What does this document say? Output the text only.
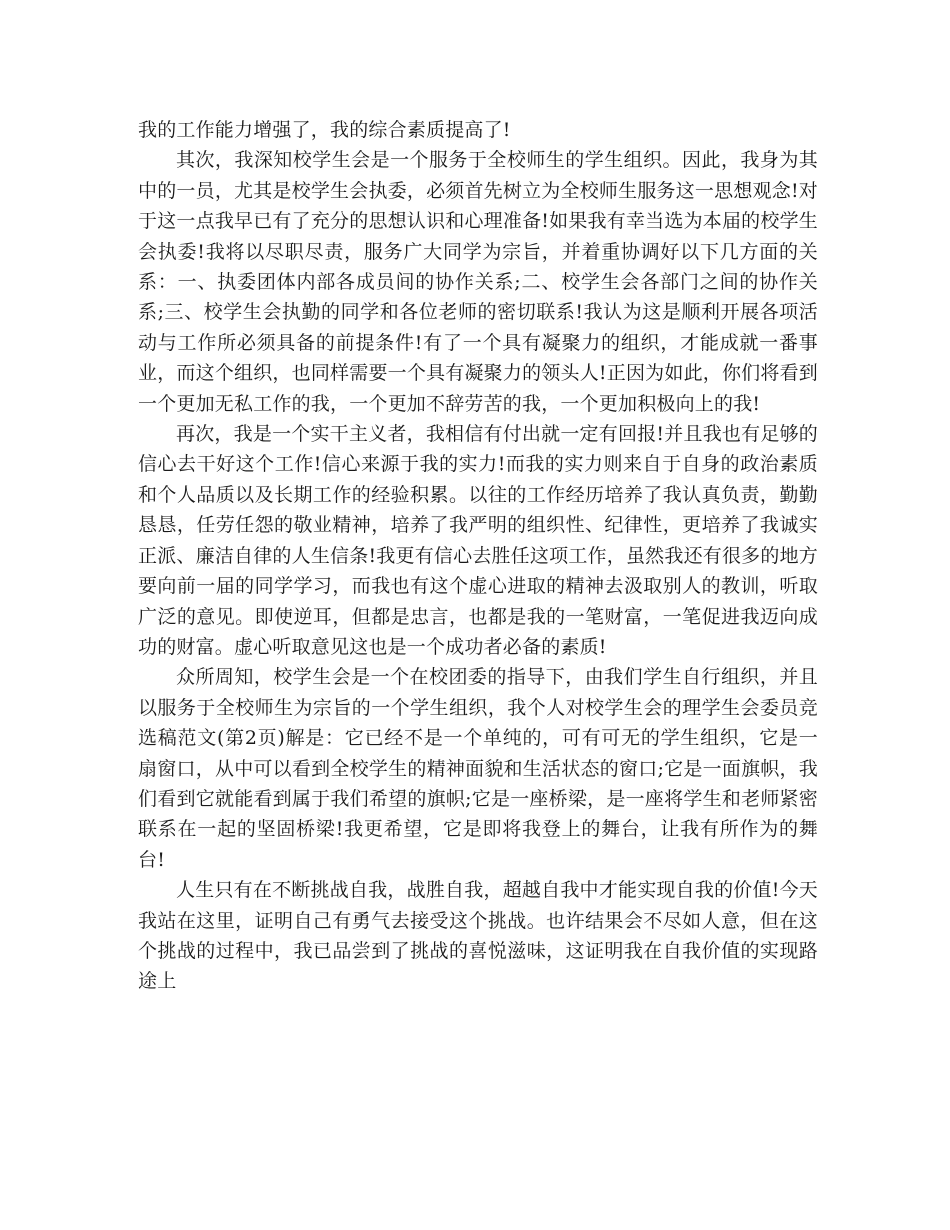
我的工作能力增强了，我的综合素质提高了!

其次，我深知校学生会是一个服务于全校师生的学生组织。因此，我身为其中的一员，尤其是校学生会执委，必须首先树立为全校师生服务这一思想观念!对于这一点我早已有了充分的思想认识和心理准备!如果我有幸当选为本届的校学生会执委!我将以尽职尽责，服务广大同学为宗旨，并着重协调好以下几方面的关系：一、执委团体内部各成员间的协作关系;二、校学生会各部门之间的协作关系;三、校学生会执勤的同学和各位老师的密切联系!我认为这是顺利开展各项活动与工作所必须具备的前提条件!有了一个具有凝聚力的组织，才能成就一番事业，而这个组织，也同样需要一个具有凝聚力的领头人!正因为如此，你们将看到一个更加无私工作的我，一个更加不辞劳苦的我，一个更加积极向上的我!

再次，我是一个实干主义者，我相信有付出就一定有回报!并且我也有足够的信心去干好这个工作!信心来源于我的实力!而我的实力则来自于自身的政治素质和个人品质以及长期工作的经验积累。以往的工作经历培养了我认真负责，勤勤恳恳，任劳任怨的敬业精神，培养了我严明的组织性、纪律性，更培养了我诚实正派、廉洁自律的人生信条!我更有信心去胜任这项工作，虽然我还有很多的地方要向前一届的同学学习，而我也有这个虚心进取的精神去汲取别人的教训，听取广泛的意见。即使逆耳，但都是忠言，也都是我的一笔财富，一笔促进我迈向成功的财富。虚心听取意见这也是一个成功者必备的素质!

众所周知，校学生会是一个在校团委的指导下，由我们学生自行组织，并且以服务于全校师生为宗旨的一个学生组织，我个人对校学生会的理学生会委员竞选稿范文(第2页)解是：它已经不是一个单纯的，可有可无的学生组织，它是一扇窗口，从中可以看到全校学生的精神面貌和生活状态的窗口;它是一面旗帜，我们看到它就能看到属于我们希望的旗帜;它是一座桥梁，是一座将学生和老师紧密联系在一起的坚固桥梁!我更希望，它是即将我登上的舞台，让我有所作为的舞台!

人生只有在不断挑战自我，战胜自我，超越自我中才能实现自我的价值!今天我站在这里，证明自己有勇气去接受这个挑战。也许结果会不尽如人意，但在这个挑战的过程中，我已品尝到了挑战的喜悦滋味，这证明我在自我价值的实现路途上
